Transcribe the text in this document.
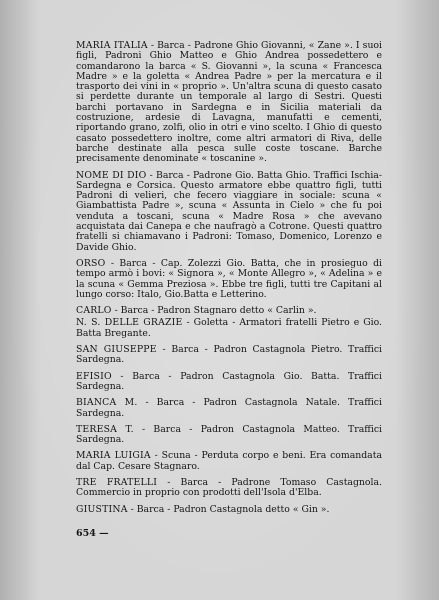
MARIA ITALIA - Barca - Padrone Ghio Giovanni, « Zane ». I suoi figli, Padroni Ghio Matteo e Ghio Andrea possedettero e comandarono la barca « S. Giovanni », la scuna « Francesca Madre » e la goletta « Andrea Padre » per la mercatura e il trasporto dei vini in « proprio ». Un'altra scuna di questo casato si perdette durante un temporale al largo di Sestri. Questi barchi portavano in Sardegna e in Sicilia materiali da costruzione, ardesie di Lavagna, manufatti e cementi, riportando grano, zolfi, olio in otri e vino scelto. I Ghio di questo casato possedettero inoltre, come altri armatori di Riva, delle barche destinate alla pesca sulle coste toscane. Barche precisamente denominate « toscanine ».

NOME DI DIO - Barca - Padrone Gio. Batta Ghio. Traffici Ischia-Sardegna e Corsica. Questo armatore ebbe quattro figli, tutti Padroni di velieri, che fecero viaggiare in sociale: scuna « Giambattista Padre », scuna « Assunta in Cielo » che fu poi venduta a toscani, scuna « Madre Rosa » che avevano acquistata dai Canepa e che naufragò a Cotrone. Questi quattro fratelli si chiamavano i Padroni: Tomaso, Domenico, Lorenzo e Davide Ghio.

ORSO - Barca - Cap. Zolezzi Gio. Batta, che in prosieguo di tempo armò i bovi: « Signora », « Monte Allegro », « Adelina » e la scuna « Gemma Preziosa ». Ebbe tre figli, tutti tre Capitani al lungo corso: Italo, Gio.Batta e Letterino.

CARLO - Barca - Padron Stagnaro detto « Carlin ».

N. S. DELLE GRAZIE - Goletta - Armatori fratelli Pietro e Gio. Batta Bregante.

SAN GIUSEPPE - Barca - Padron Castagnola Pietro. Traffici Sardegna.

EFISIO - Barca - Padron Castagnola Gio. Batta. Traffici Sardegna.

BIANCA M. - Barca - Padron Castagnola Natale. Traffici Sardegna.

TERESA T. - Barca - Padron Castagnola Matteo. Traffici Sardegna.

MARIA LUIGIA - Scuna - Perduta corpo e beni. Era comandata dal Cap. Cesare Stagnaro.

TRE FRATELLI - Barca - Padrone Tomaso Castagnola. Commercio in proprio con prodotti dell'Isola d'Elba.

GIUSTINA - Barca - Padron Castagnola detto « Gin ».

654 —
